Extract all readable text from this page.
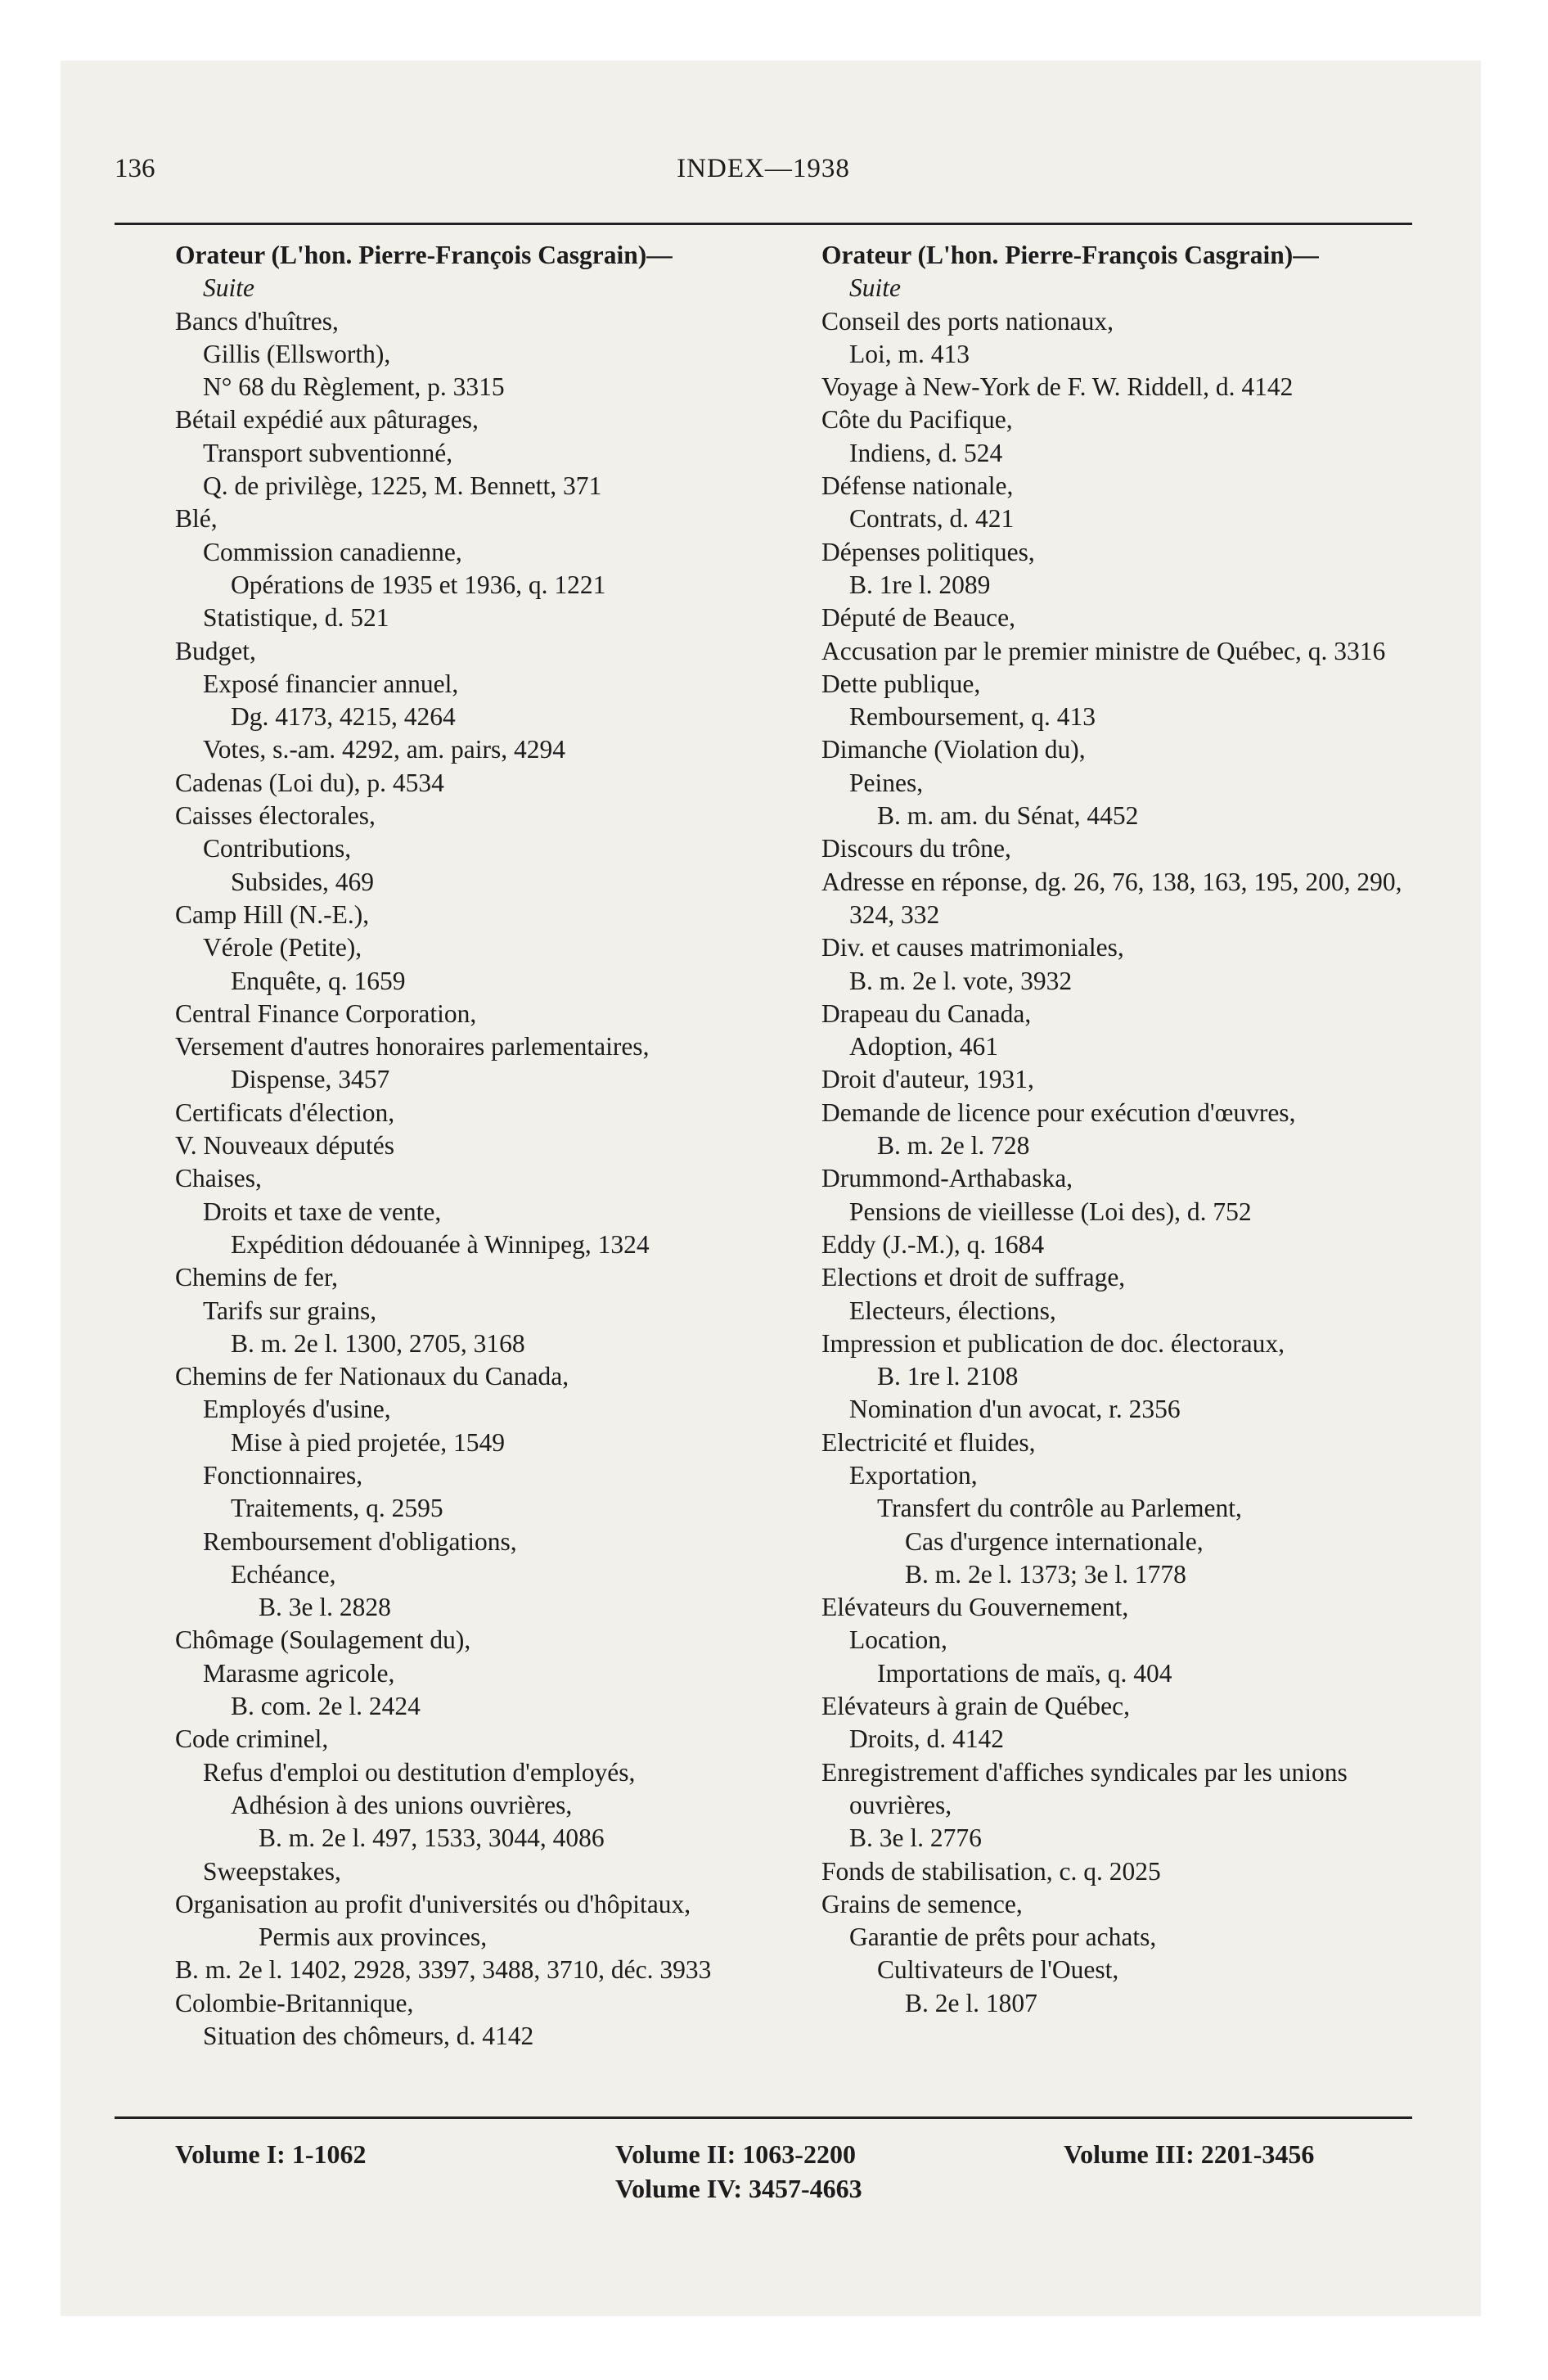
136	INDEX—1938
Orateur (L'hon. Pierre-François Casgrain)—
Suite
Bancs d'huîtres,
Gillis (Ellsworth),
N° 68 du Règlement, p. 3315
Bétail expédié aux pâturages,
Transport subventionné,
Q. de privilège, 1225, M. Bennett, 371
Blé,
Commission canadienne,
Opérations de 1935 et 1936, q. 1221
Statistique, d. 521
Budget,
Exposé financier annuel,
Dg. 4173, 4215, 4264
Votes, s.-am. 4292, am. pairs, 4294
Cadenas (Loi du), p. 4534
Caisses électorales,
Contributions,
Subsides, 469
Camp Hill (N.-E.),
Vérole (Petite),
Enquête, q. 1659
Central Finance Corporation,
Versement d'autres honoraires parlementaires,
Dispense, 3457
Certificats d'élection,
V. Nouveaux députés
Chaises,
Droits et taxe de vente,
Expédition dédouanée à Winnipeg, 1324
Chemins de fer,
Tarifs sur grains,
B. m. 2e l. 1300, 2705, 3168
Chemins de fer Nationaux du Canada,
Employés d'usine,
Mise à pied projetée, 1549
Fonctionnaires,
Traitements, q. 2595
Remboursement d'obligations,
Echéance,
B. 3e l. 2828
Chômage (Soulagement du),
Marasme agricole,
B. com. 2e l. 2424
Code criminel,
Refus d'emploi ou destitution d'employés,
Adhésion à des unions ouvrières,
B. m. 2e l. 497, 1533, 3044, 4086
Sweepstakes,
Organisation au profit d'universités ou d'hôpitaux,
Permis aux provinces,
B. m. 2e l. 1402, 2928, 3397, 3488, 3710, déc. 3933
Colombie-Britannique,
Situation des chômeurs, d. 4142
Orateur (L'hon. Pierre-François Casgrain)—
Suite
Conseil des ports nationaux,
Loi, m. 413
Voyage à New-York de F. W. Riddell, d. 4142
Côte du Pacifique,
Indiens, d. 524
Défense nationale,
Contrats, d. 421
Dépenses politiques,
B. 1re l. 2089
Député de Beauce,
Accusation par le premier ministre de Québec, q. 3316
Dette publique,
Remboursement, q. 413
Dimanche (Violation du),
Peines,
B. m. am. du Sénat, 4452
Discours du trône,
Adresse en réponse, dg. 26, 76, 138, 163, 195, 200, 290, 324, 332
Div. et causes matrimoniales,
B. m. 2e l. vote, 3932
Drapeau du Canada,
Adoption, 461
Droit d'auteur, 1931,
Demande de licence pour exécution d'œuvres,
B. m. 2e l. 728
Drummond-Arthabaska,
Pensions de vieillesse (Loi des), d. 752
Eddy (J.-M.), q. 1684
Elections et droit de suffrage,
Electeurs, élections,
Impression et publication de doc. électoraux,
B. 1re l. 2108
Nomination d'un avocat, r. 2356
Electricité et fluides,
Exportation,
Transfert du contrôle au Parlement,
Cas d'urgence internationale,
B. m. 2e l. 1373; 3e l. 1778
Elévateurs du Gouvernement,
Location,
Importations de maïs, q. 404
Elévateurs à grain de Québec,
Droits, d. 4142
Enregistrement d'affiches syndicales par les unions ouvrières,
B. 3e l. 2776
Fonds de stabilisation, c. q. 2025
Grains de semence,
Garantie de prêts pour achats,
Cultivateurs de l'Ouest,
B. 2e l. 1807
Volume I: 1-1062	Volume II: 1063-2200	Volume III: 2201-3456
Volume IV: 3457-4663
